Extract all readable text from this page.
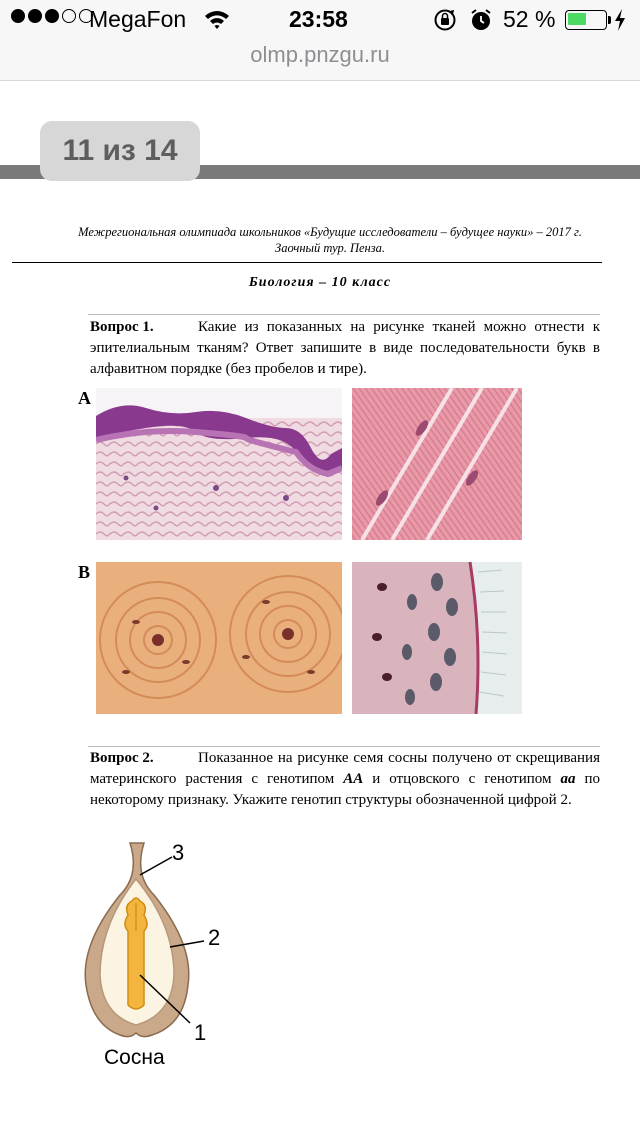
MegaFon	23:58	52 %
olmp.pnzgu.ru
11 из 14
Межрегиональная олимпиада школьников «Будущие исследователи – будущее науки» – 2017 г.
Заочный тур. Пенза.
Биология – 10 класс
Вопрос 1.	Какие из показанных на рисунке тканей можно отнести к эпителиальным тканям? Ответ запишите в виде последовательности букв в алфавитном порядке (без пробелов и тире).
А
В
Вопрос 2.	Показанное на рисунке семя сосны получено от скрещивания материнского растения с генотипом AA и отцовского с генотипом aa по некоторому признаку. Укажите генотип структуры обозначенной цифрой 2.
3
2
1
Сосна
